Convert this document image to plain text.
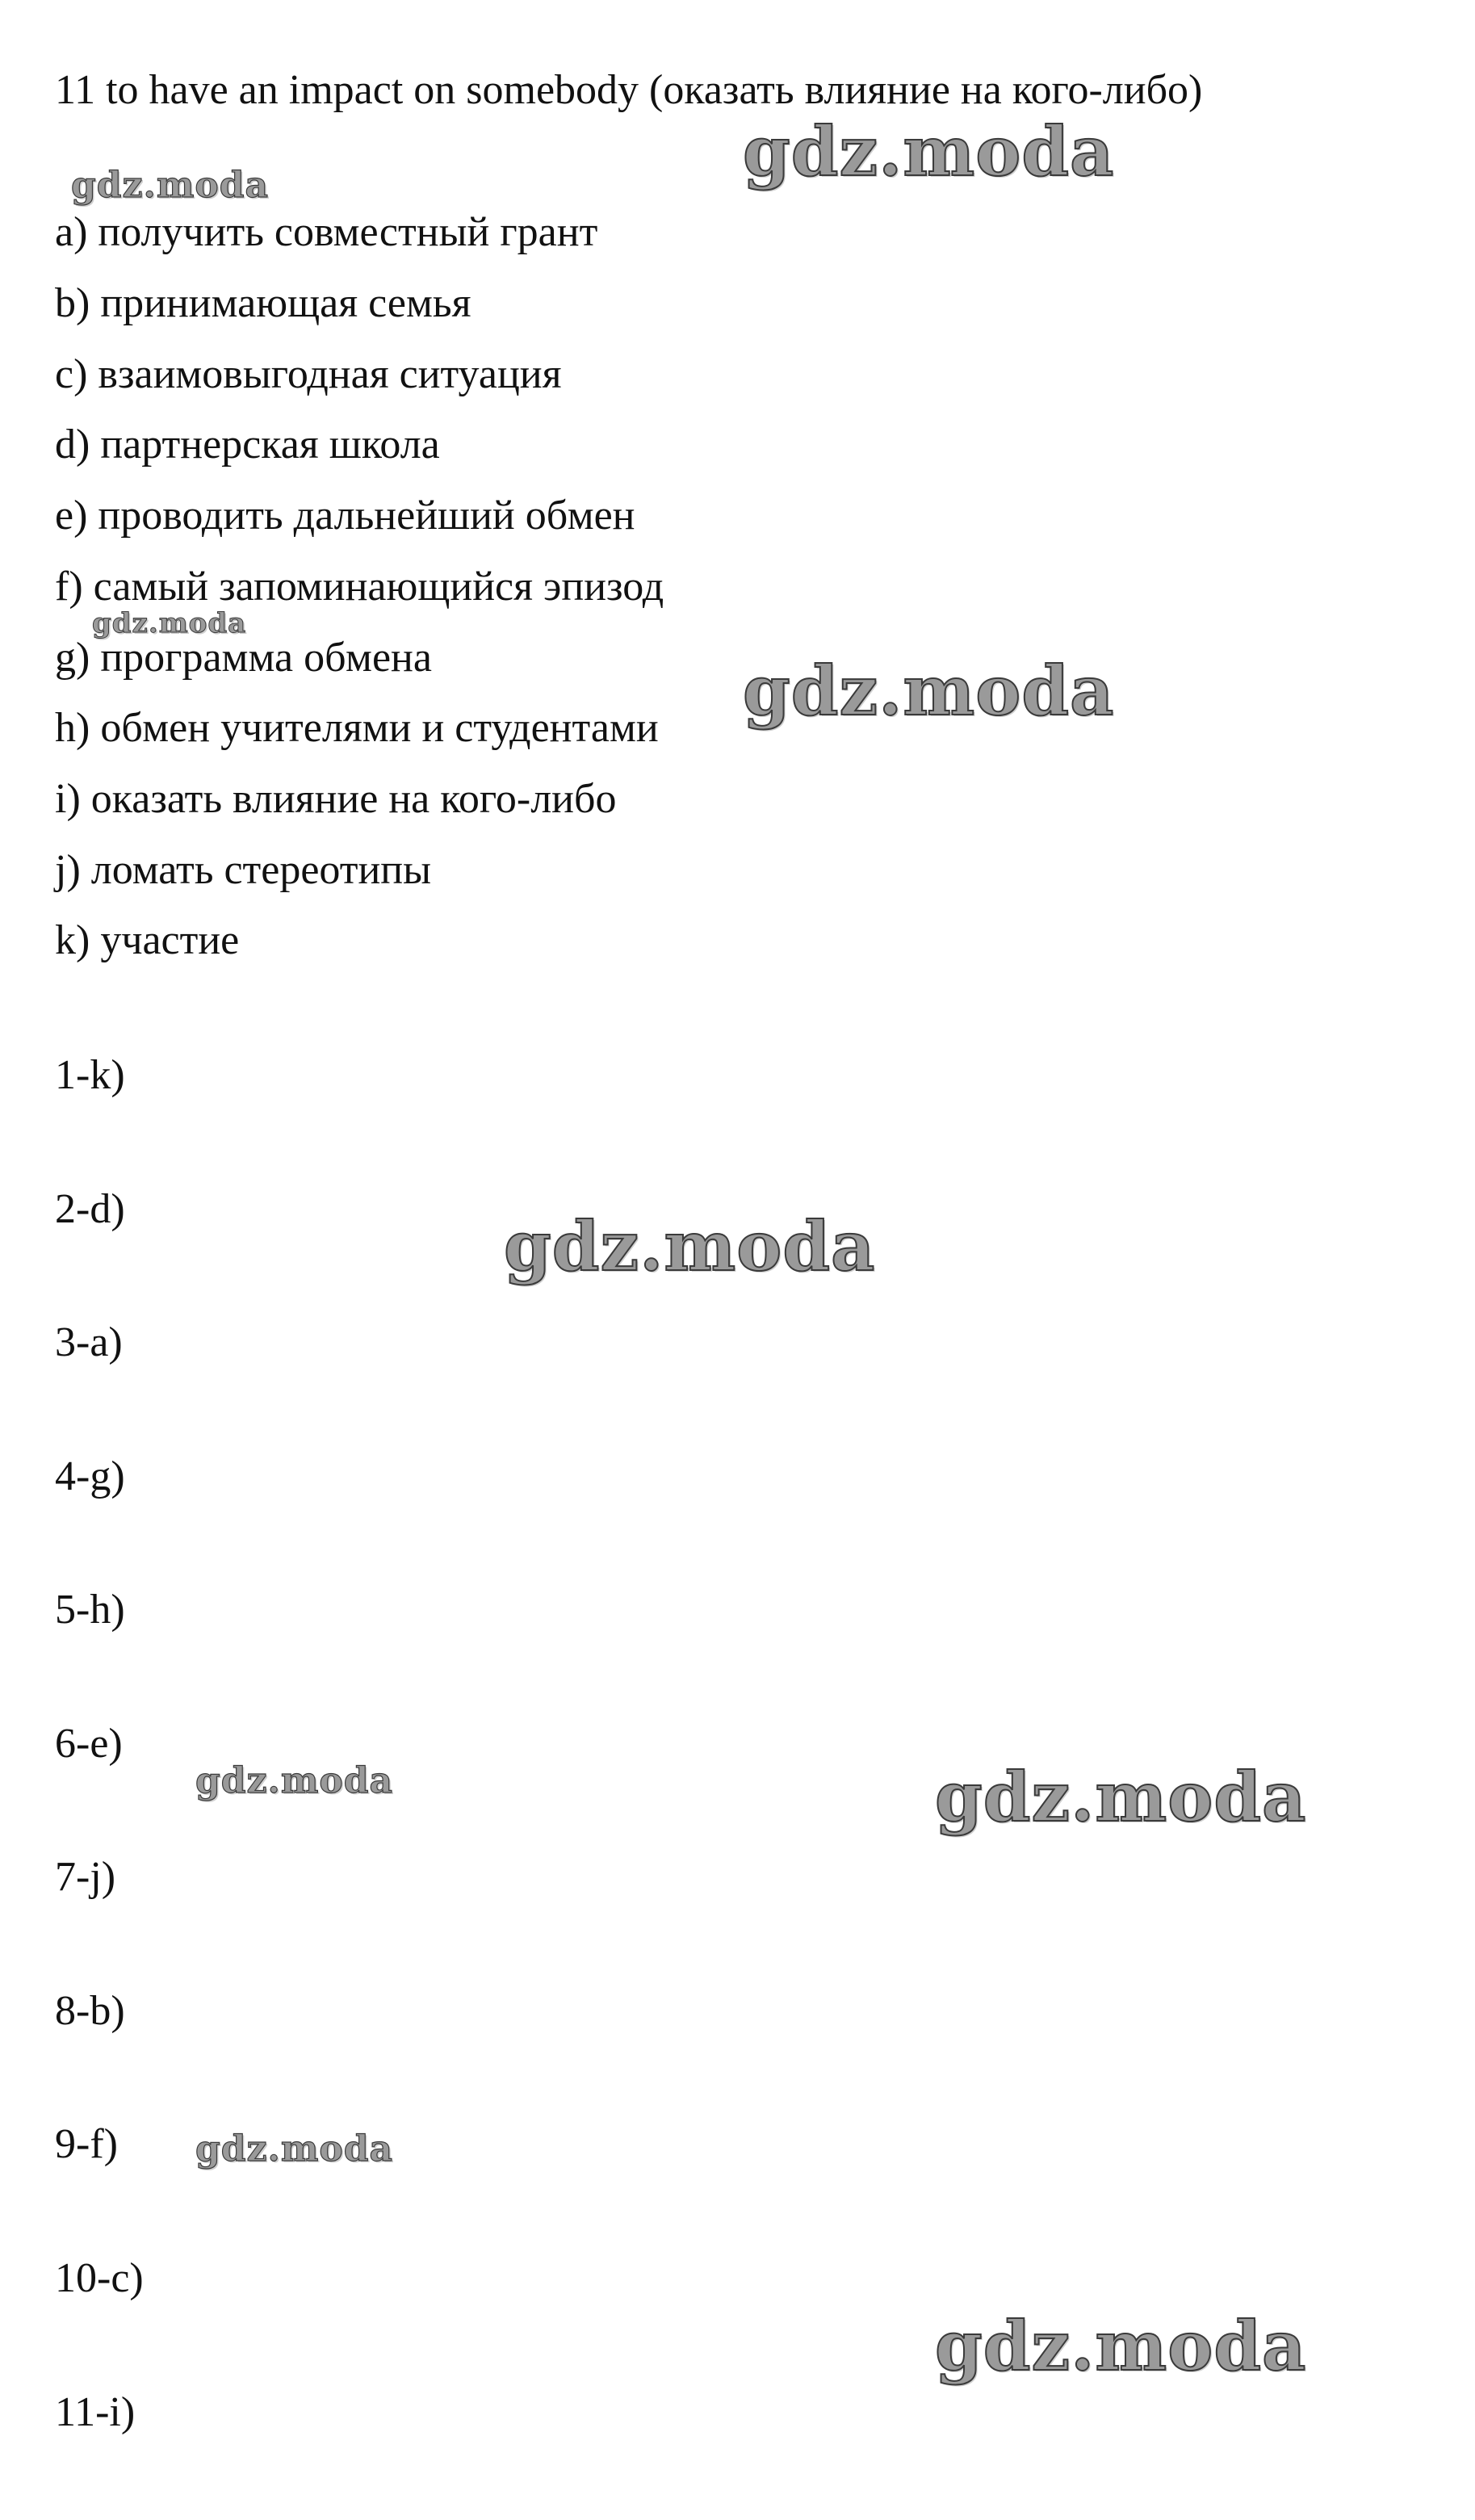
11 to have an impact on somebody (оказать влияние на кого-либо)
a) получить совместный грант
b) принимающая семья
c) взаимовыгодная ситуация
d) партнерская школа
e) проводить дальнейший обмен
f) самый запоминающийся эпизод
g) программа обмена
h) обмен учителями и студентами
i) оказать влияние на кого-либо
j) ломать стереотипы
k) участие
1-k)
2-d)
3-a)
4-g)
5-h)
6-e)
7-j)
8-b)
9-f)
10-c)
11-i)
gdz.moda	gdz.moda
gdz.moda
gdz.moda
gdz.moda
gdz.moda	gdz.moda
gdz.moda
gdz.moda
